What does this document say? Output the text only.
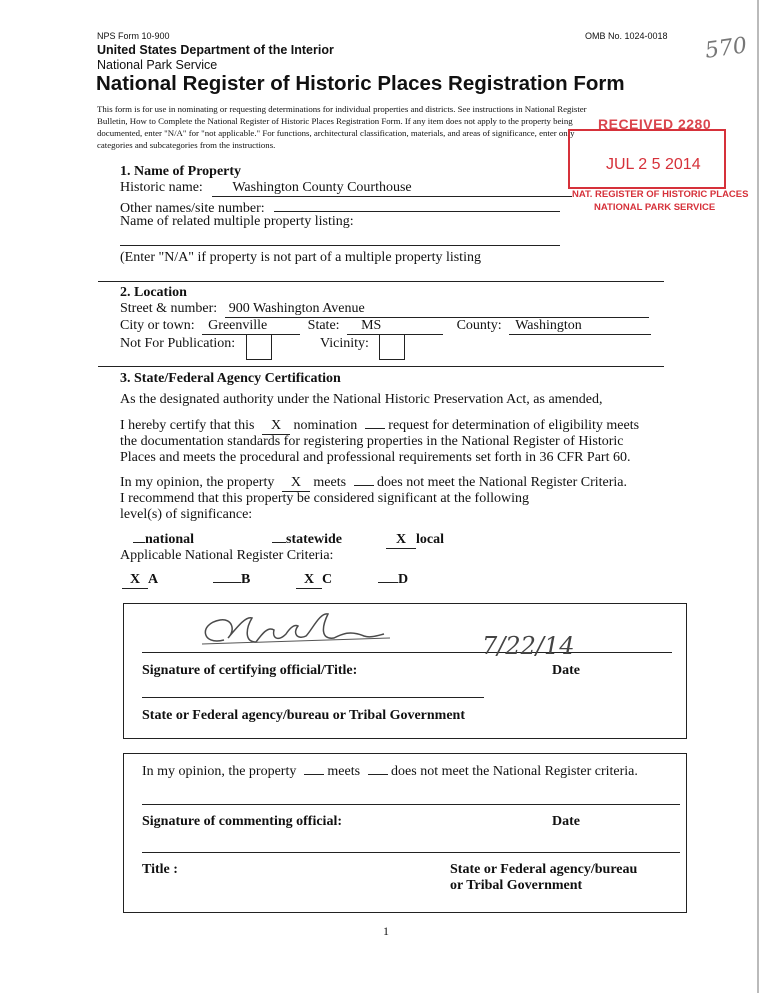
NPS Form 10-900	OMB No. 1024-0018
United States Department of the Interior
National Park Service
National Register of Historic Places Registration Form
570
This form is for use in nominating or requesting determinations for individual properties and districts. See instructions in National Register
Bulletin, How to Complete the National Register of Historic Places Registration Form. If any item does not apply to the property being
documented, enter "N/A" for "not applicable." For functions, architectural classification, materials, and areas of significance, enter only
categories and subcategories from the instructions.
RECEIVED 2280
JUL 2 5 2014
NAT. REGISTER OF HISTORIC PLACES
NATIONAL PARK SERVICE
1. Name of Property
Historic name: Washington County Courthouse
Other names/site number:
Name of related multiple property listing:
(Enter "N/A" if property is not part of a multiple property listing
2. Location
Street & number: 900 Washington Avenue
City or town: Greenville	State: MS	County: Washington
Not For Publication:	Vicinity:
3. State/Federal Agency Certification
As the designated authority under the National Historic Preservation Act, as amended,
I hereby certify that this X nomination request for determination of eligibility meets
the documentation standards for registering properties in the National Register of Historic
Places and meets the procedural and professional requirements set forth in 36 CFR Part 60.
In my opinion, the property X meets does not meet the National Register Criteria.
I recommend that this property be considered significant at the following
level(s) of significance:
national	statewide	X local
Applicable National Register Criteria:
X A	B	X C	D
7/22/14
Signature of certifying official/Title:	Date
State or Federal agency/bureau or Tribal Government
In my opinion, the property meets does not meet the National Register criteria.
Signature of commenting official:	Date
Title :	State or Federal agency/bureau
or Tribal Government
1
